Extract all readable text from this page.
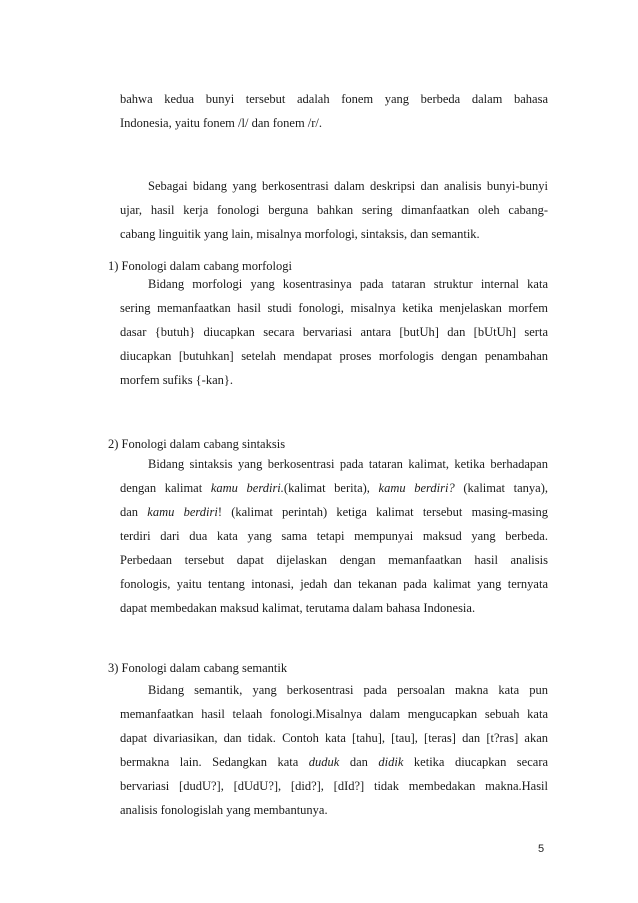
bahwa kedua bunyi tersebut adalah fonem yang berbeda dalam bahasa
Indonesia, yaitu fonem /l/ dan fonem /r/.
Sebagai bidang yang berkosentrasi dalam deskripsi dan analisis bunyi-bunyi
ujar, hasil kerja fonologi berguna bahkan sering dimanfaatkan oleh cabang-
cabang linguitik yang lain, misalnya morfologi, sintaksis, dan semantik.
1) Fonologi dalam cabang morfologi
Bidang morfologi yang kosentrasinya pada tataran struktur internal kata
sering memanfaatkan hasil studi fonologi, misalnya ketika menjelaskan morfem
dasar {butuh} diucapkan secara bervariasi antara [butUh] dan [bUtUh] serta
diucapkan [butuhkan] setelah mendapat proses morfologis dengan penambahan
morfem sufiks {-kan}.
2) Fonologi dalam cabang sintaksis
Bidang sintaksis yang berkosentrasi pada tataran kalimat, ketika berhadapan
dengan kalimat kamu berdiri.(kalimat berita), kamu berdiri? (kalimat tanya),
dan kamu berdiri! (kalimat perintah) ketiga kalimat tersebut masing-masing
terdiri dari dua kata yang sama tetapi mempunyai maksud yang berbeda.
Perbedaan tersebut dapat dijelaskan dengan memanfaatkan hasil analisis
fonologis, yaitu tentang intonasi, jedah dan tekanan pada kalimat yang ternyata
dapat membedakan maksud kalimat, terutama dalam bahasa Indonesia.
3) Fonologi dalam cabang semantik
Bidang semantik, yang berkosentrasi pada persoalan makna kata pun
memanfaatkan hasil telaah fonologi.Misalnya dalam mengucapkan sebuah kata
dapat divariasikan, dan tidak. Contoh kata [tahu], [tau], [teras] dan [t?ras] akan
bermakna lain. Sedangkan kata duduk dan didik ketika diucapkan secara
bervariasi [dudU?], [dUdU?], [did?], [dId?] tidak membedakan makna.Hasil
analisis fonologislah yang membantunya.
5
